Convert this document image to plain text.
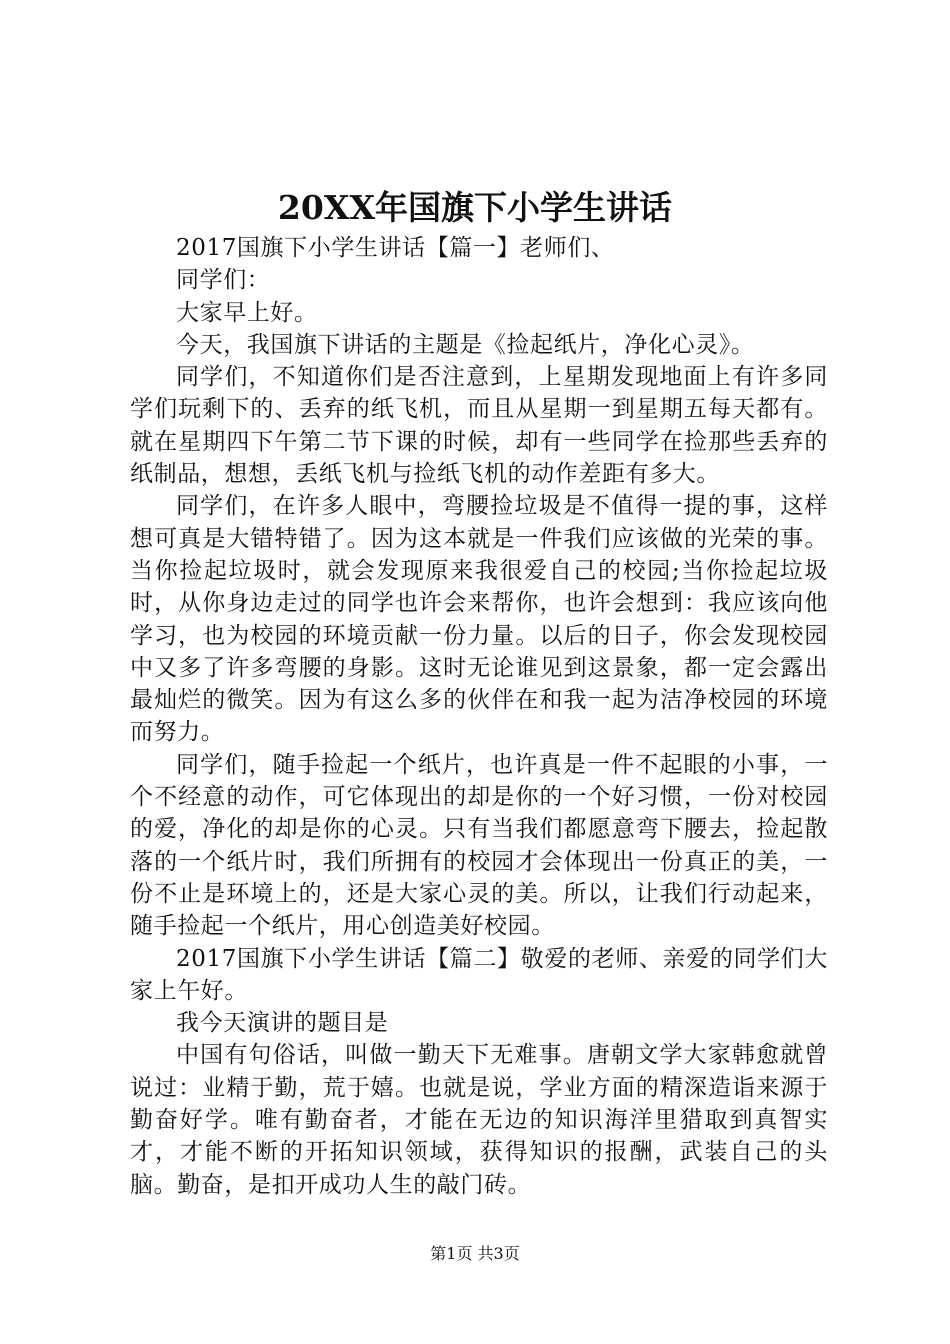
20XX年国旗下小学生讲话

2017国旗下小学生讲话【篇一】老师们、

同学们：

大家早上好。

今天，我国旗下讲话的主题是《捡起纸片，净化心灵》。

同学们，不知道你们是否注意到，上星期发现地面上有许多同学们玩剩下的、丢弃的纸飞机，而且从星期一到星期五每天都有。就在星期四下午第二节下课的时候，却有一些同学在捡那些丢弃的纸制品，想想，丢纸飞机与捡纸飞机的动作差距有多大。

同学们，在许多人眼中，弯腰捡垃圾是不值得一提的事，这样想可真是大错特错了。因为这本就是一件我们应该做的光荣的事。当你捡起垃圾时，就会发现原来我很爱自己的校园;当你捡起垃圾时，从你身边走过的同学也许会来帮你，也许会想到：我应该向他学习，也为校园的环境贡献一份力量。以后的日子，你会发现校园中又多了许多弯腰的身影。这时无论谁见到这景象，都一定会露出最灿烂的微笑。因为有这么多的伙伴在和我一起为洁净校园的环境而努力。

同学们，随手捡起一个纸片，也许真是一件不起眼的小事，一个不经意的动作，可它体现出的却是你的一个好习惯，一份对校园的爱，净化的却是你的心灵。只有当我们都愿意弯下腰去，捡起散落的一个纸片时，我们所拥有的校园才会体现出一份真正的美，一份不止是环境上的，还是大家心灵的美。所以，让我们行动起来，随手捡起一个纸片，用心创造美好校园。

2017国旗下小学生讲话【篇二】敬爱的老师、亲爱的同学们大家上午好。

我今天演讲的题目是

中国有句俗话，叫做一勤天下无难事。唐朝文学大家韩愈就曾说过：业精于勤，荒于嬉。也就是说，学业方面的精深造诣来源于勤奋好学。唯有勤奋者，才能在无边的知识海洋里猎取到真智实才，才能不断的开拓知识领域，获得知识的报酬，武装自己的头脑。勤奋，是扣开成功人生的敲门砖。

第1页 共3页
